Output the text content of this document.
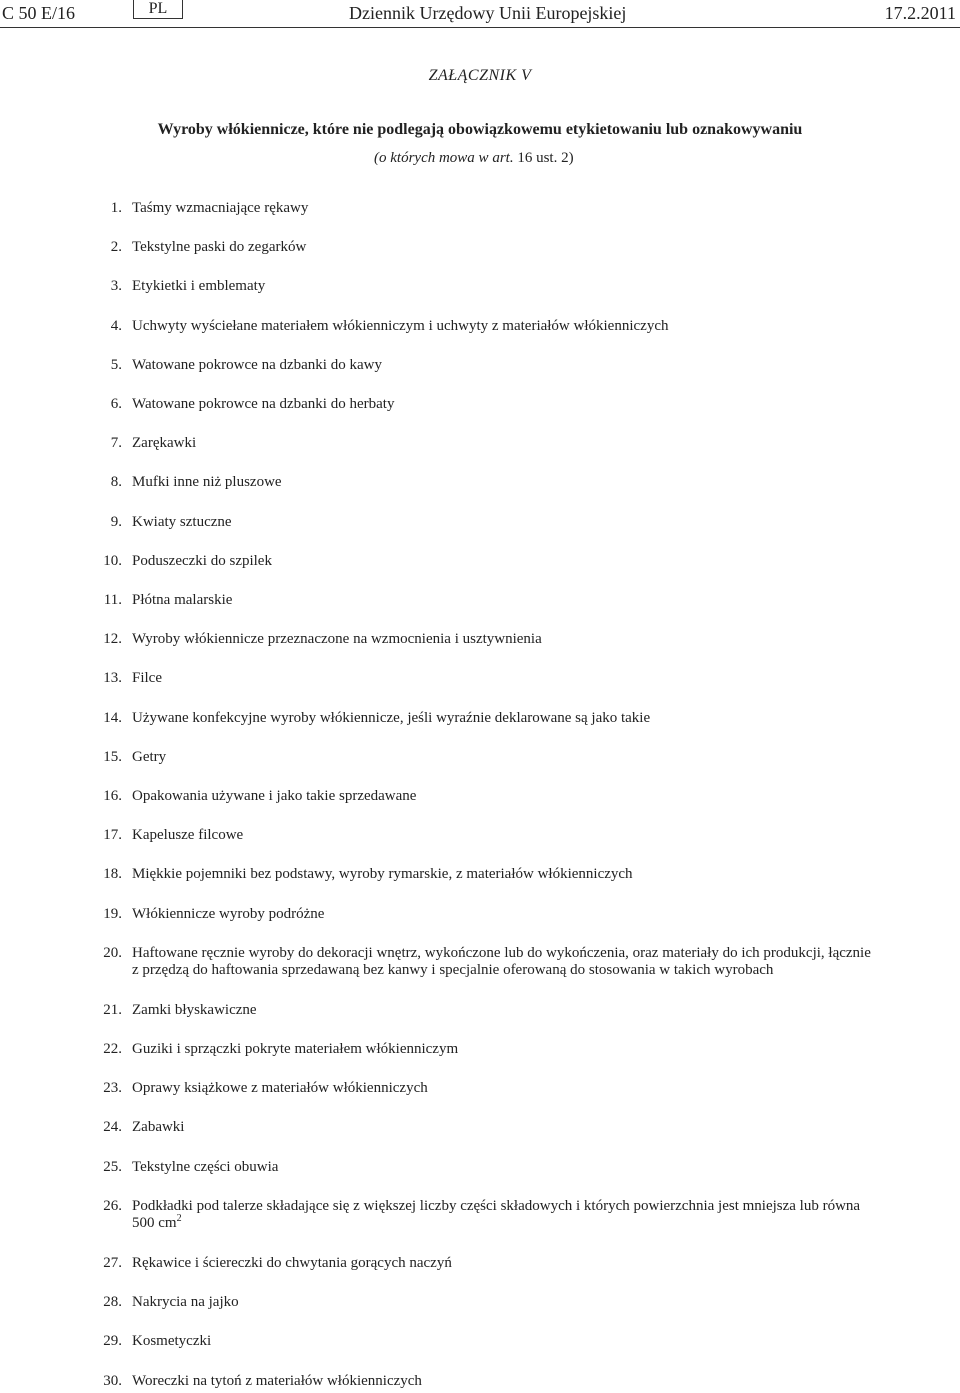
C 50 E/16	PL	Dziennik Urzędowy Unii Europejskiej	17.2.2011
ZAŁĄCZNIK V
Wyroby włókiennicze, które nie podlegają obowiązkowemu etykietowaniu lub oznakowywaniu
(o których mowa w art. 16 ust. 2)
1. Taśmy wzmacniające rękawy
2. Tekstylne paski do zegarków
3. Etykietki i emblematy
4. Uchwyty wyściełane materiałem włókienniczym i uchwyty z materiałów włókienniczych
5. Watowane pokrowce na dzbanki do kawy
6. Watowane pokrowce na dzbanki do herbaty
7. Zarękawki
8. Mufki inne niż pluszowe
9. Kwiaty sztuczne
10. Poduszeczki do szpilek
11. Płótna malarskie
12. Wyroby włókiennicze przeznaczone na wzmocnienia i usztywnienia
13. Filce
14. Używane konfekcyjne wyroby włókiennicze, jeśli wyraźnie deklarowane są jako takie
15. Getry
16. Opakowania używane i jako takie sprzedawane
17. Kapelusze filcowe
18. Miękkie pojemniki bez podstawy, wyroby rymarskie, z materiałów włókienniczych
19. Włókiennicze wyroby podróżne
20. Haftowane ręcznie wyroby do dekoracji wnętrz, wykończone lub do wykończenia, oraz materiały do ich produkcji, łącznie z przędzą do haftowania sprzedawaną bez kanwy i specjalnie oferowaną do stosowania w takich wyrobach
21. Zamki błyskawiczne
22. Guziki i sprzączki pokryte materiałem włókienniczym
23. Oprawy książkowe z materiałów włókienniczych
24. Zabawki
25. Tekstylne części obuwia
26. Podkładki pod talerze składające się z większej liczby części składowych i których powierzchnia jest mniejsza lub równa 500 $cm^2$
27. Rękawice i ściereczki do chwytania gorących naczyń
28. Nakrycia na jajko
29. Kosmetyczki
30. Woreczki na tytoń z materiałów włókienniczych
